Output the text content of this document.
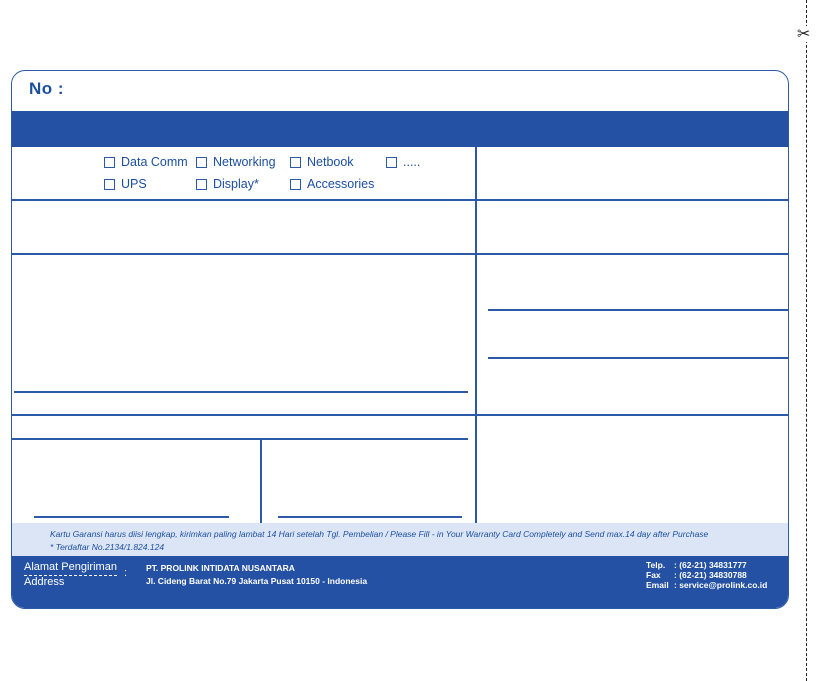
✂
No :
Data Comm Networking	Netbook	.....
UPS	Display*	Accessories
Kartu Garansi harus diisi lengkap, kirimkan paling lambat 14 Hari setelah Tgl. Pembelian / Please Fill - in Your Warranty Card Completely and Send max.14 day after Purchase
* Terdaftar No.2134/1.824.124
Alamat Pengiriman
Address
: PT. PROLINK INTIDATA NUSANTARA
Jl. Cideng Barat No.79 Jakarta Pusat 10150 - Indonesia
Telp.	: (62-21) 34831777
Fax	: (62-21) 34830788
Email : service@prolink.co.id
